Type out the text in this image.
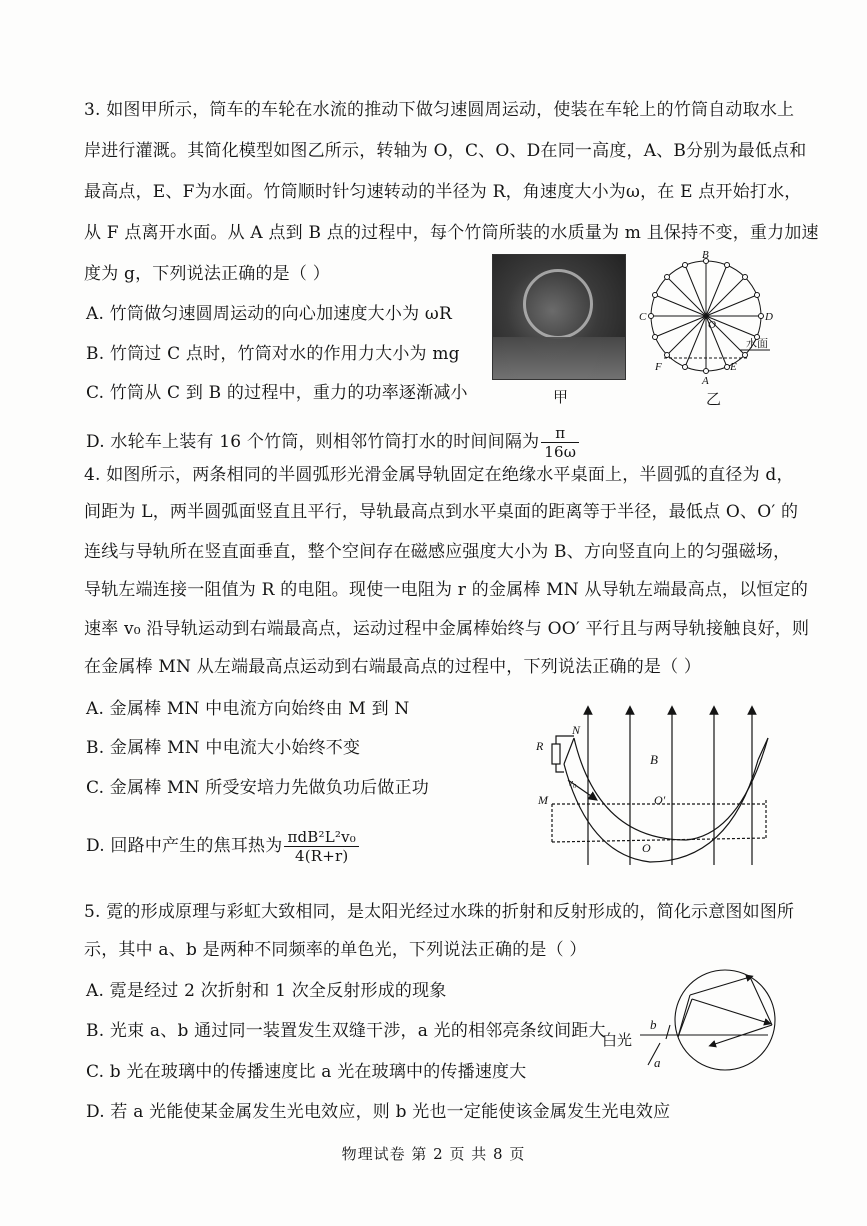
3. 如图甲所示，筒车的车轮在水流的推动下做匀速圆周运动，使装在车轮上的竹筒自动取水上
岸进行灌溉。其简化模型如图乙所示，转轴为 O，C、O、D在同一高度，A、B分别为最低点和
最高点，E、F为水面。竹筒顺时针匀速转动的半径为 R，角速度大小为ω，在 E 点开始打水，
从 F 点离开水面。从 A 点到 B 点的过程中，每个竹筒所装的水质量为 m 且保持不变，重力加速
度为 g，下列说法正确的是（ ）
A. 竹筒做匀速圆周运动的向心加速度大小为 ωR
B. 竹筒过 C 点时，竹筒对水的作用力大小为 mg
C. 竹筒从 C 到 B 的过程中，重力的功率逐渐减小
D. 水轮车上装有 16 个竹筒，则相邻竹筒打水的时间间隔为 $\frac{\pi}{16\omega}$
甲
B
C	D
O
A
E
F
水面
乙
4. 如图所示，两条相同的半圆弧形光滑金属导轨固定在绝缘水平桌面上，半圆弧的直径为 d，
间距为 L，两半圆弧面竖直且平行，导轨最高点到水平桌面的距离等于半径，最低点 O、O′ 的
连线与导轨所在竖直面垂直，整个空间存在磁感应强度大小为 B、方向竖直向上的匀强磁场，
导轨左端连接一阻值为 R 的电阻。现使一电阻为 r 的金属棒 MN 从导轨左端最高点，以恒定的
速率 v₀ 沿导轨运动到右端最高点，运动过程中金属棒始终与 OO′ 平行且与两导轨接触良好，则
在金属棒 MN 从左端最高点运动到右端最高点的过程中，下列说法正确的是（ ）
A. 金属棒 MN 中电流方向始终由 M 到 N
B. 金属棒 MN 中电流大小始终不变
C. 金属棒 MN 所受安培力先做负功后做正功
D. 回路中产生的焦耳热为 $\frac{\text{πdB²L²v₀}}{4(R+r)}$
R
N
M
v₀
B
O′
O
5. 霓的形成原理与彩虹大致相同，是太阳光经过水珠的折射和反射形成的，简化示意图如图所
示，其中 a、b 是两种不同频率的单色光，下列说法正确的是（ ）
A. 霓是经过 2 次折射和 1 次全反射形成的现象
B. 光束 a、b 通过同一装置发生双缝干涉，a 光的相邻亮条纹间距大
C. b 光在玻璃中的传播速度比 a 光在玻璃中的传播速度大
D. 若 a 光能使某金属发生光电效应，则 b 光也一定能使该金属发生光电效应
白光
b
a
物理试卷 第 2 页 共 8 页
